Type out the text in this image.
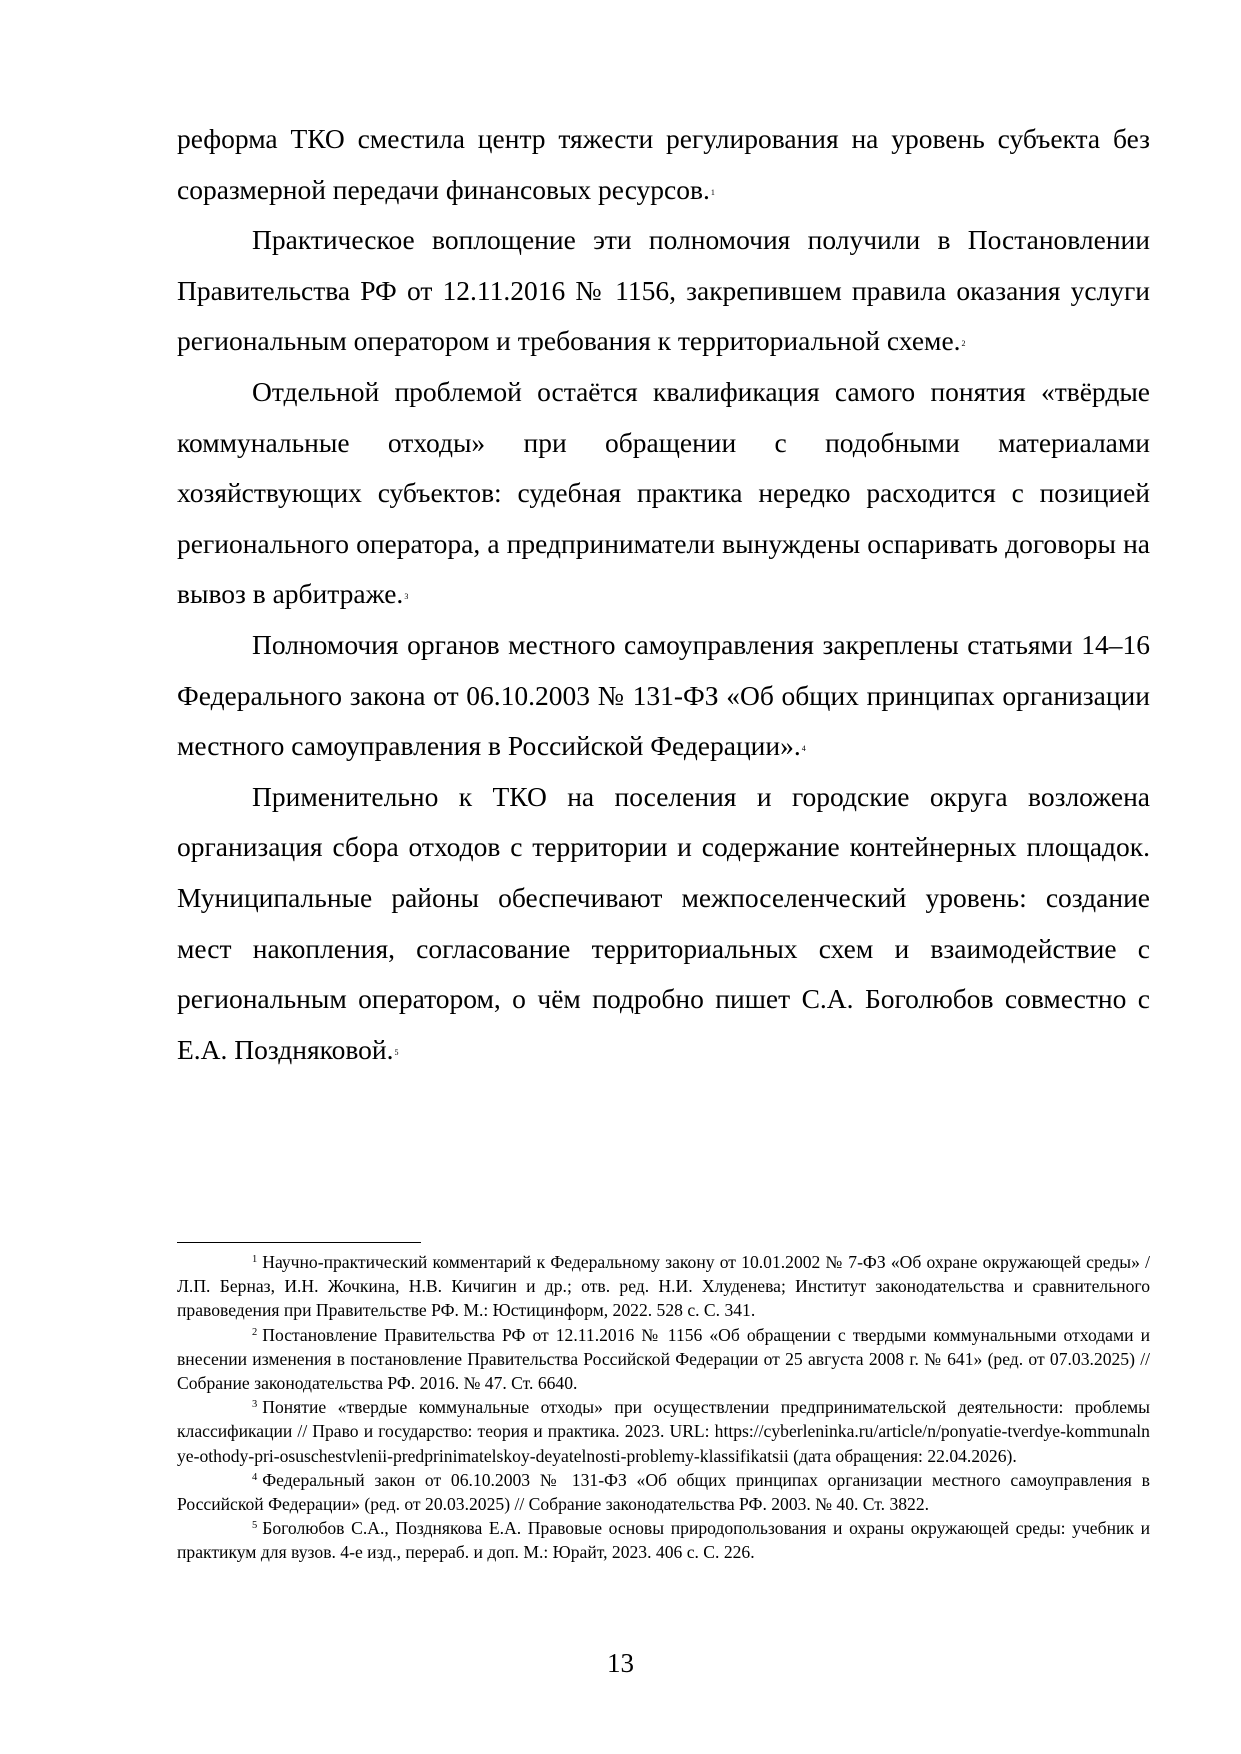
реформа ТКО сместила центр тяжести регулирования на уровень субъекта без соразмерной передачи финансовых ресурсов.$^1$

Практическое воплощение эти полномочия получили в Постановлении Правительства РФ от 12.11.2016 № 1156, закрепившем правила оказания услуги региональным оператором и требования к территориальной схеме.$^2$

Отдельной проблемой остаётся квалификация самого понятия «твёрдые коммунальные отходы» при обращении с подобными материалами хозяйствующих субъектов: судебная практика нередко расходится с позицией регионального оператора, а предприниматели вынуждены оспаривать договоры на вывоз в арбитраже.$^3$

Полномочия органов местного самоуправления закреплены статьями 14–16 Федерального закона от 06.10.2003 № 131-ФЗ «Об общих принципах организации местного самоуправления в Российской Федерации».$^4$

Применительно к ТКО на поселения и городские округа возложена организация сбора отходов с территории и содержание контейнерных площадок. Муниципальные районы обеспечивают межпоселенческий уровень: создание мест накопления, согласование территориальных схем и взаимодействие с региональным оператором, о чём подробно пишет С.А. Боголюбов совместно с Е.А. Поздняковой.$^5$

$^1$ Научно-практический комментарий к Федеральному закону от 10.01.2002 № 7-ФЗ «Об охране окружающей среды» / Л.П. Берназ, И.Н. Жочкина, Н.В. Кичигин и др.; отв. ред. Н.И. Хлуденева; Институт законодательства и сравнительного правоведения при Правительстве РФ. М.: Юстицинформ, 2022. 528 с. С. 341.

$^2$ Постановление Правительства РФ от 12.11.2016 № 1156 «Об обращении с твердыми коммунальными отходами и внесении изменения в постановление Правительства Российской Федерации от 25 августа 2008 г. № 641» (ред. от 07.03.2025) // Собрание законодательства РФ. 2016. № 47. Ст. 6640.

$^3$ Понятие «твердые коммунальные отходы» при осуществлении предпринимательской деятельности: проблемы классификации // Право и государство: теория и практика. 2023. URL: https://cyberleninka.ru/article/n/ponyatie-tverdye-kommunalnye-othody-pri-osuschestvlenii-predprinimatelskoy-deyatelnosti-problemy-klassifikatsii (дата обращения: 22.04.2026).

$^4$ Федеральный закон от 06.10.2003 № 131-ФЗ «Об общих принципах организации местного самоуправления в Российской Федерации» (ред. от 20.03.2025) // Собрание законодательства РФ. 2003. № 40. Ст. 3822.

$^5$ Боголюбов С.А., Позднякова Е.А. Правовые основы природопользования и охраны окружающей среды: учебник и практикум для вузов. 4-е изд., перераб. и доп. М.: Юрайт, 2023. 406 с. С. 226.

13
